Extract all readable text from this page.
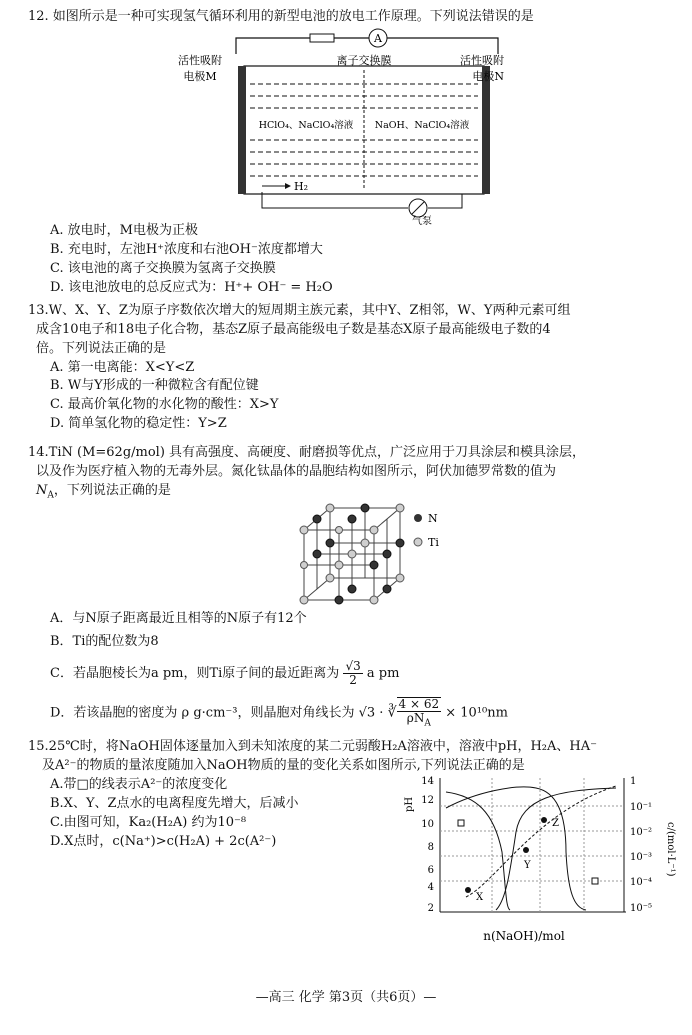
12. 如图所示是一种可实现氢气循环利用的新型电池的放电工作原理。下列说法错误的是

A
离子交换膜
HClO₄、NaClO₄溶液 NaOH、NaClO₄溶液
活性吸附
电极M
活性吸附
电极N
H₂
气泵

A. 放电时，M电极为正极

B. 充电时，左池H⁺浓度和右池OH⁻浓度都增大

C. 该电池的离子交换膜为氢离子交换膜

D. 该电池放电的总反应式为：H⁺+ OH⁻ = H₂O

13.W、X、Y、Z为原子序数依次增大的短周期主族元素，其中Y、Z相邻，W、Y两种元素可组

成含10电子和18电子化合物，基态Z原子最高能级电子数是基态X原子最高能级电子数的4

倍。下列说法正确的是

A. 第一电离能：X<Y<Z

B. W与Y形成的一种微粒含有配位键

C. 最高价氧化物的水化物的酸性：X>Y

D. 简单氢化物的稳定性：Y>Z

14.TiN (M=62g/mol) 具有高强度、高硬度、耐磨损等优点，广泛应用于刀具涂层和模具涂层，

以及作为医疗植入物的无毒外层。氮化钛晶体的晶胞结构如图所示，阿伏加德罗常数的值为

$N_A$，下列说法正确的是

N
Ti

A．与N原子距离最近且相等的N原子有12个

B．Ti的配位数为8

C．若晶胞棱长为a pm，则Ti原子间的最近距离为 $\frac{√3}{2}$ a pm

D．若该晶胞的密度为 ρ g·cm⁻³，则晶胞对角线长为 √3 · ∛ $\frac{4 \times 62}{\rho N_A} \times 10^{10}nm$

15.25℃时，将NaOH固体逐量加入到未知浓度的某二元弱酸H₂A溶液中，溶液中pH，H₂A、HA⁻

及A²⁻的物质的量浓度随加入NaOH物质的量的变化关系如图所示,下列说法正确的是

A.带□的线表示A²⁻的浓度变化

B.X、Y、Z点水的电离程度先增大，后减小

C.由图可知，Ka₂(H₂A) 约为10⁻⁸

D.X点时，c(Na⁺)>c(H₂A) + 2c(A²⁻)

pH
14
12
10
8
6
4
2
1
10⁻¹
10⁻²
10⁻³
10⁻⁴
10⁻⁵
c/(mol·L⁻¹)
X
Y
Z
n(NaOH)/mol
—高三 化学 第3页（共6页）—
